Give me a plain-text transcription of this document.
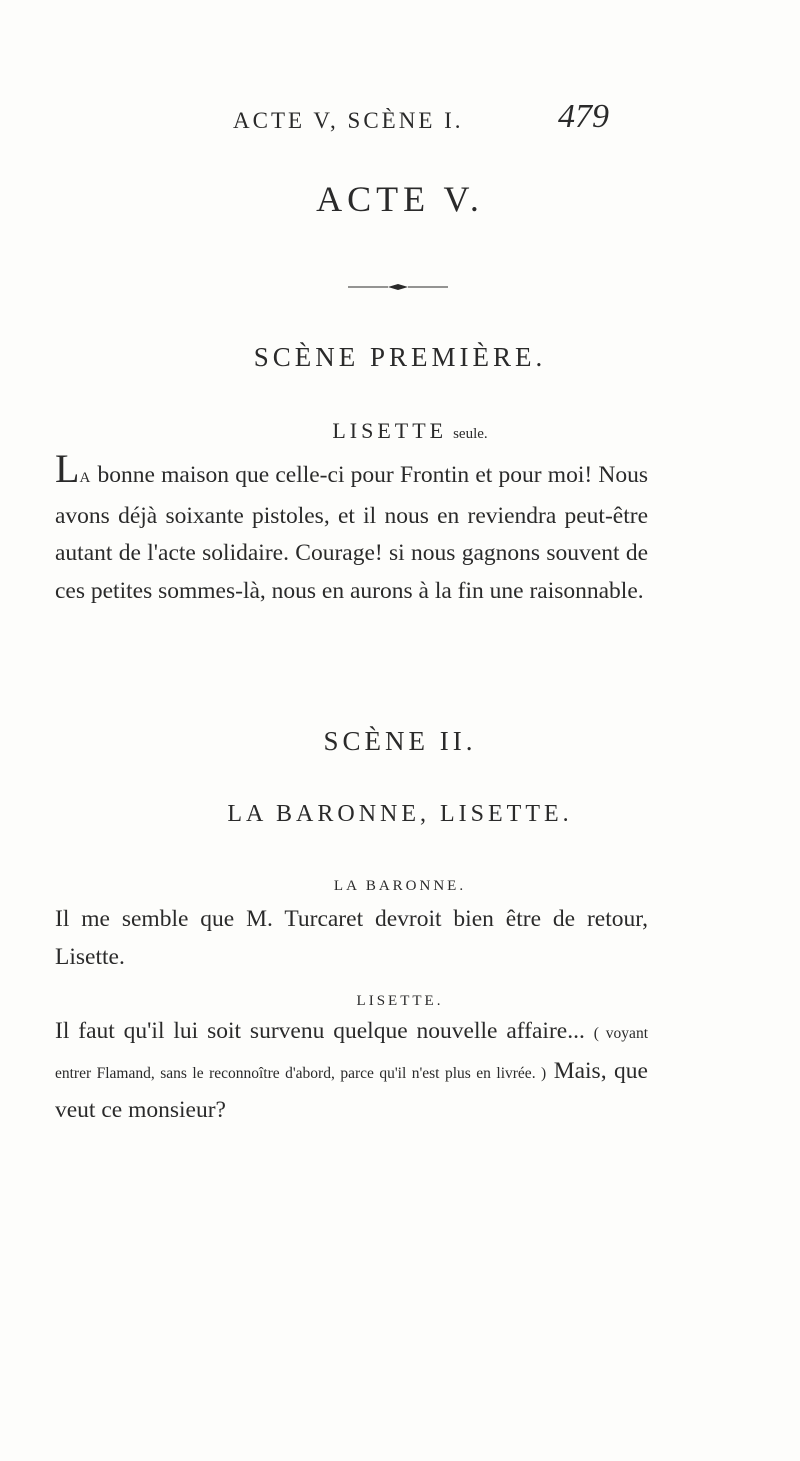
ACTE V, SCÈNE I.	479
ACTE V.
SCÈNE PREMIÈRE.
LISETTE seule.
LA bonne maison que celle-ci pour Frontin et pour moi! Nous avons déjà soixante pistoles, et il nous en reviendra peut-être autant de l'acte solidaire. Courage! si nous gagnons souvent de ces petites sommes-là, nous en aurons à la fin une raisonnable.
SCÈNE II.
LA BARONNE, LISETTE.
LA BARONNE.
Il me semble que M. Turcaret devroit bien être de retour, Lisette.
LISETTE.
Il faut qu'il lui soit survenu quelque nouvelle affaire... ( voyant entrer Flamand, sans le reconnoître d'abord, parce qu'il n'est plus en livrée. ) Mais, que veut ce monsieur?
